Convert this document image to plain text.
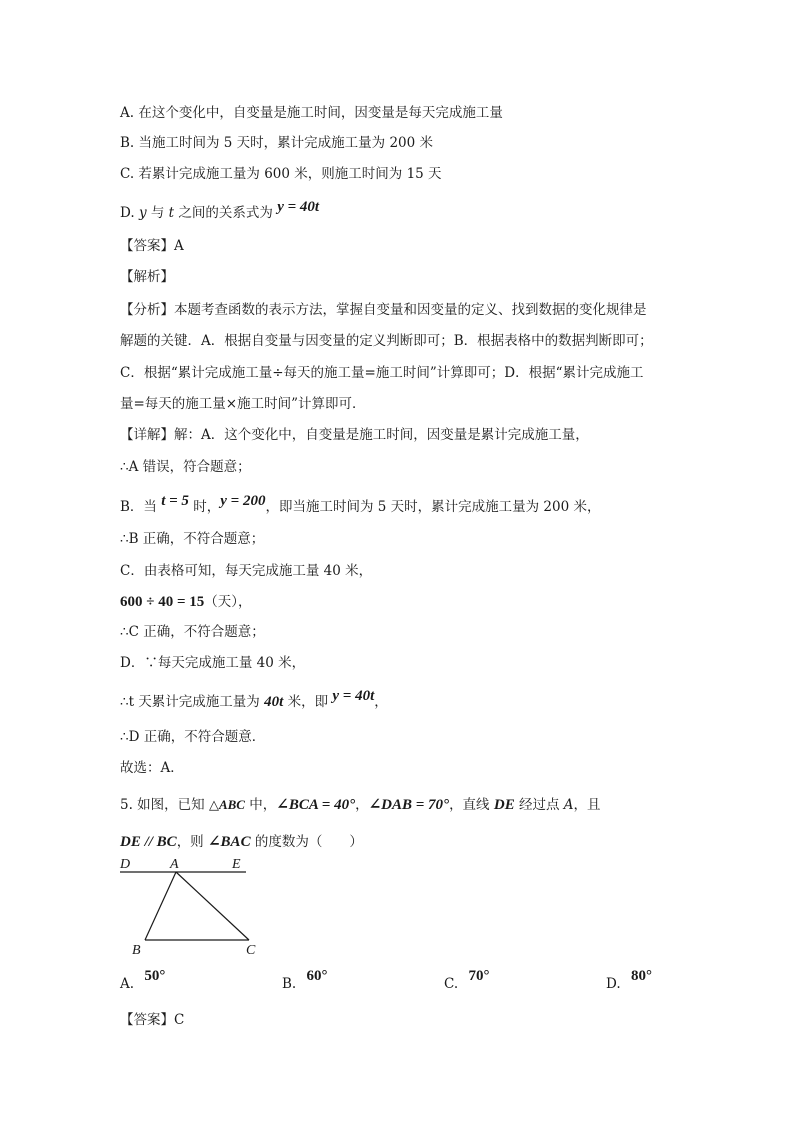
A. 在这个变化中，自变量是施工时间，因变量是每天完成施工量
B. 当施工时间为 5 天时，累计完成施工量为 200 米
C. 若累计完成施工量为 600 米，则施工时间为 15 天
D. y 与 t 之间的关系式为 y = 40t
【答案】A
【解析】
【分析】本题考查函数的表示方法，掌握自变量和因变量的定义、找到数据的变化规律是
解题的关键．A．根据自变量与因变量的定义判断即可；B．根据表格中的数据判断即可；
C．根据“累计完成施工量÷每天的施工量=施工时间”计算即可；D．根据“累计完成施工
量=每天的施工量×施工时间”计算即可．
【详解】解：A．这个变化中，自变量是施工时间，因变量是累计完成施工量，
∴A 错误，符合题意；
B．当 t = 5 时，y = 200，即当施工时间为 5 天时，累计完成施工量为 200 米，
∴B 正确，不符合题意；
C．由表格可知，每天完成施工量 40 米，
600 ÷ 40 = 15（天），
∴C 正确，不符合题意；
D．∵每天完成施工量 40 米，
∴t 天累计完成施工量为 40t 米，即 y = 40t，
∴D 正确，不符合题意．
故选：A．
5. 如图，已知 △ABC 中，∠BCA = 40°，∠DAB = 70°，直线 DE 经过点 A，且
DE // BC，则 ∠BAC 的度数为（　　）
D	A	E
B	C
A. 50°	B. 60°	C. 70°	D. 80°
【答案】C
